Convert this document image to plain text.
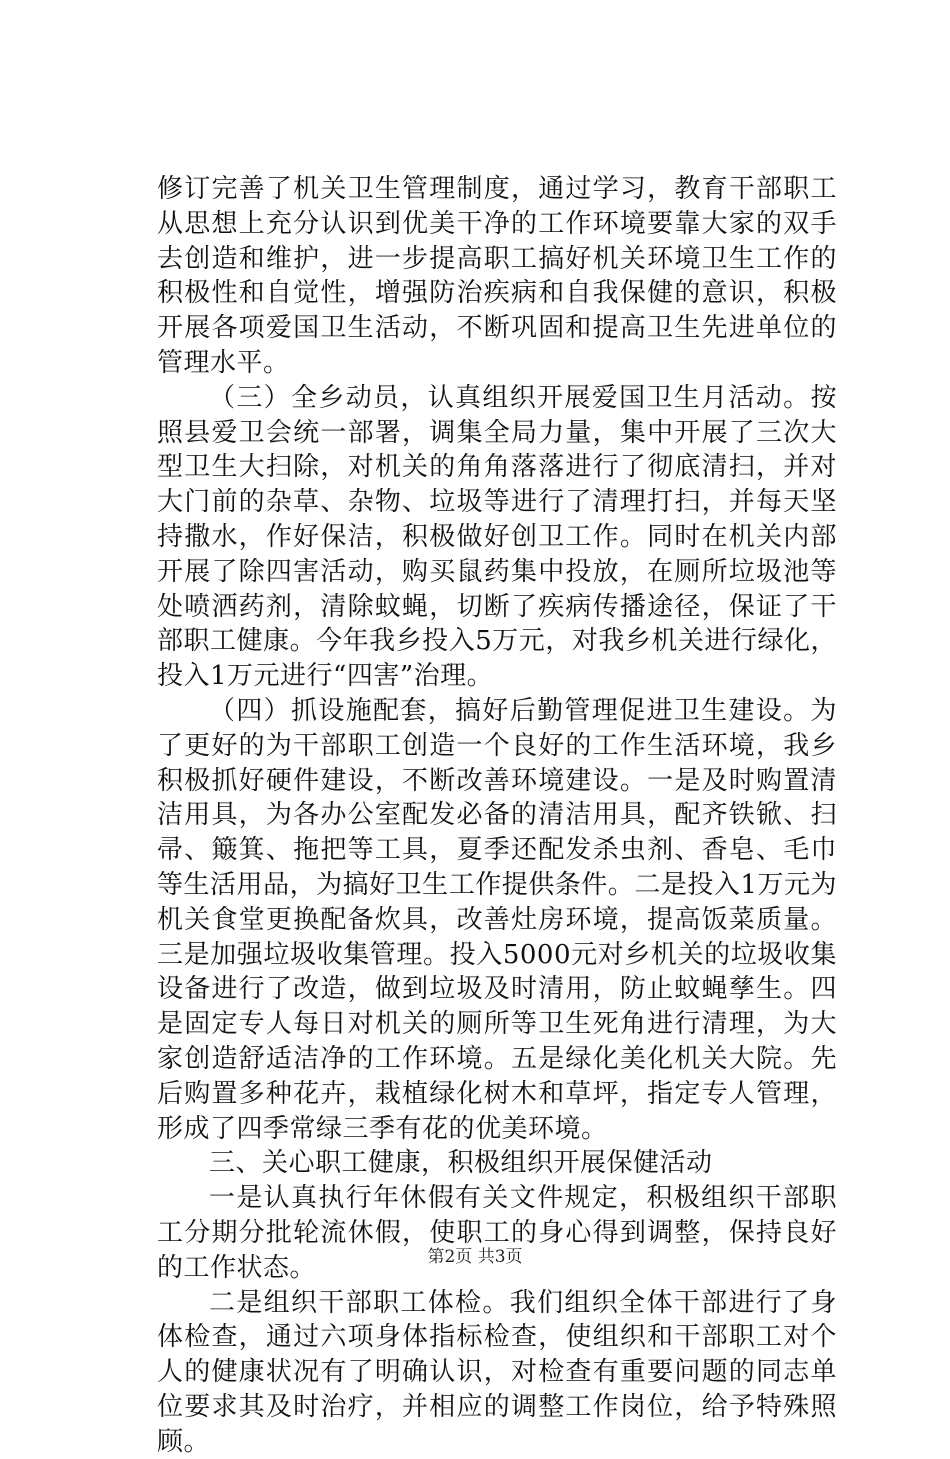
修订完善了机关卫生管理制度，通过学习，教育干部职工从思想上充分认识到优美干净的工作环境要靠大家的双手去创造和维护，进一步提高职工搞好机关环境卫生工作的积极性和自觉性，增强防治疾病和自我保健的意识，积极开展各项爱国卫生活动，不断巩固和提高卫生先进单位的管理水平。

（三）全乡动员，认真组织开展爱国卫生月活动。按照县爱卫会统一部署，调集全局力量，集中开展了三次大型卫生大扫除，对机关的角角落落进行了彻底清扫，并对大门前的杂草、杂物、垃圾等进行了清理打扫，并每天坚持撒水，作好保洁，积极做好创卫工作。同时在机关内部开展了除四害活动，购买鼠药集中投放，在厕所垃圾池等处喷洒药剂，清除蚊蝇，切断了疾病传播途径，保证了干部职工健康。今年我乡投入5万元，对我乡机关进行绿化，投入1万元进行“四害”治理。

（四）抓设施配套，搞好后勤管理促进卫生建设。为了更好的为干部职工创造一个良好的工作生活环境，我乡积极抓好硬件建设，不断改善环境建设。一是及时购置清洁用具，为各办公室配发必备的清洁用具，配齐铁锨、扫帚、簸箕、拖把等工具，夏季还配发杀虫剂、香皂、毛巾等生活用品，为搞好卫生工作提供条件。二是投入1万元为机关食堂更换配备炊具，改善灶房环境，提高饭菜质量。三是加强垃圾收集管理。投入5000元对乡机关的垃圾收集设备进行了改造，做到垃圾及时清用，防止蚊蝇孳生。四是固定专人每日对机关的厕所等卫生死角进行清理，为大家创造舒适洁净的工作环境。五是绿化美化机关大院。先后购置多种花卉，栽植绿化树木和草坪，指定专人管理，形成了四季常绿三季有花的优美环境。

三、关心职工健康，积极组织开展保健活动

一是认真执行年休假有关文件规定，积极组织干部职工分期分批轮流休假，使职工的身心得到调整，保持良好的工作状态。

二是组织干部职工体检。我们组织全体干部进行了身体检查，通过六项身体指标检查，使组织和干部职工对个人的健康状况有了明确认识，对检查有重要问题的同志单位要求其及时治疗，并相应的调整工作岗位，给予特殊照顾。

第2页 共3页
